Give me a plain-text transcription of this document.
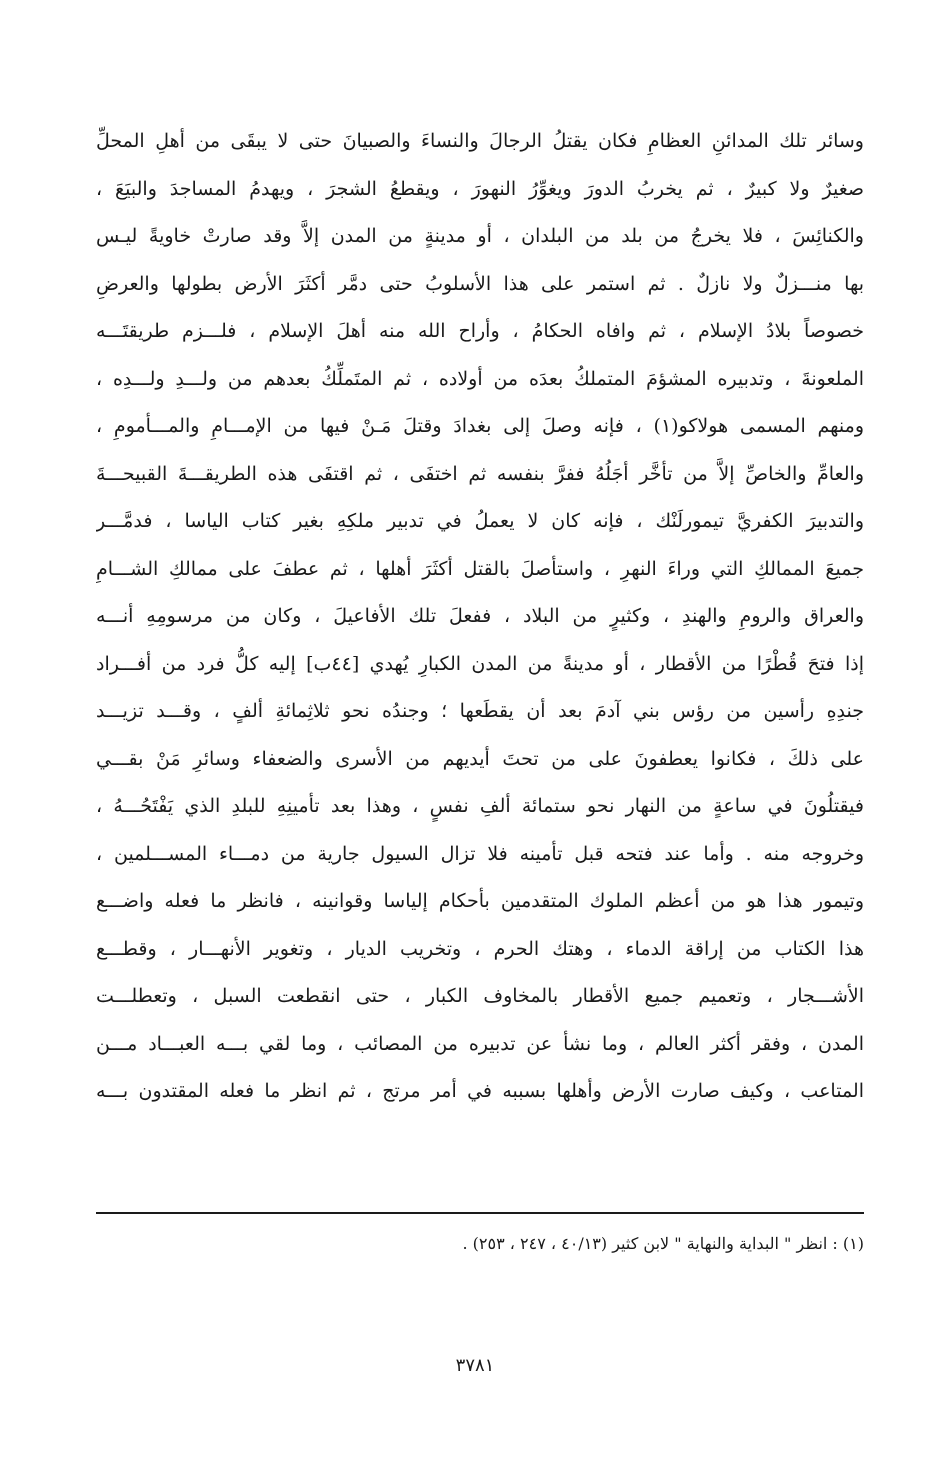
وسائر تلك المدائنِ العظامِ فكان يقتلُ الرجالَ والنساءَ والصبيانَ حتى لا يبقَى من أهلِ المحلِّ
صغيرٌ ولا كبيرٌ ، ثم يخربُ الدورَ ويغوِّرُ النهورَ ، ويقطعُ الشجرَ ، ويهدمُ المساجدَ والبيَعَ ،
والكنائِسَ ، فلا يخرجُ من بلد من البلدان ، أو مدينةٍ من المدن إلاَّ وقد صارتْ خاويةً ليـس
بها منـــزلٌ ولا نازلٌ . ثم استمر على هذا الأسلوبُ حتى دمَّر أكثَرَ الأرض بطولها والعرضِ
خصوصاً بلادُ الإسلام ، ثم وافاه الحكامُ ، وأراح الله منه أهلَ الإسلام ، فلـــزم طريقتَـــه
الملعونةَ ، وتدبيره المشؤمَ المتملكُ بعدَه من أولاده ، ثم المتَملِّكُ بعدهم من ولـــدِ ولـــدِه ،
ومنهم المسمى هولاكو(١) ، فإنه وصلَ إلى بغدادَ وقتلَ مَـنْ فيها من الإمـــامِ والمـــأمومِ ،
والعامِّ والخاصِّ إلاَّ من تأخَّر أجَلُهُ ففرَّ بنفسه ثم اختفَى ، ثم اقتفَى هذه الطريقـــةَ القبيحـــةَ
والتدبيرَ الكفريَّ تيمورلَنْك ، فإنه كان لا يعملُ في تدبير ملكِهِ بغير كتاب الياسا ، فدمَّـــر
جميعَ الممالكِ التي وراءَ النهرِ ، واستأصلَ بالقتل أكثَرَ أهلها ، ثم عطفَ على ممالكِ الشـــامِ
والعراق والرومِ والهندِ ، وكثيرٍ من البلاد ، ففعلَ تلك الأفاعيلَ ، وكان من مرسومِهِ أنـــه
إذا فتحَ قُطْرًا من الأقطار ، أو مدينةً من المدن الكبارِ يُهدي [٤٤ب] إليه كلُّ فرد من أفـــراد
جندِهِ رأسين من رؤس بني آدمَ بعد أن يقطَعها ؛ وجندُه نحو ثلاثِمائةِ ألفٍ ، وقـــد تزيـــد
على ذلكَ ، فكانوا يعطفونَ على من تحتَ أيديهم من الأسرى والضعفاء وسائرِ مَنْ بقـــي
فيقتلُونَ في ساعةٍ من النهار نحو ستمائة ألفِ نفسٍ ، وهذا بعد تأمينِهِ للبلدِ الذي يَفْتَحُـــهُ ،
وخروجه منه . وأما عند فتحه قبل تأمينه فلا تزال السيول جارية من دمـــاء المســـلمين ،
وتيمور هذا هو من أعظم الملوك المتقدمين بأحكام إلياسا وقوانينه ، فانظر ما فعله واضـــع
هذا الكتاب من إراقة الدماء ، وهتك الحرم ، وتخريب الديار ، وتغوير الأنهـــار ، وقطـــع
الأشـــجار ، وتعميم جميع الأقطار بالمخاوف الكبار ، حتى انقطعت السبل ، وتعطلـــت
المدن ، وفقر أكثر العالم ، وما نشأ عن تدبيره من المصائب ، وما لقي بـــه العبـــاد مـــن
المتاعب ، وكيف صارت الأرض وأهلها بسببه في أمر مرتج ، ثم انظر ما فعله المقتدون بـــه
(١) : انظر " البداية والنهاية " لابن كثير (٤٠/١٣ ، ٢٤٧ ، ٢٥٣) .
٣٧٨١
